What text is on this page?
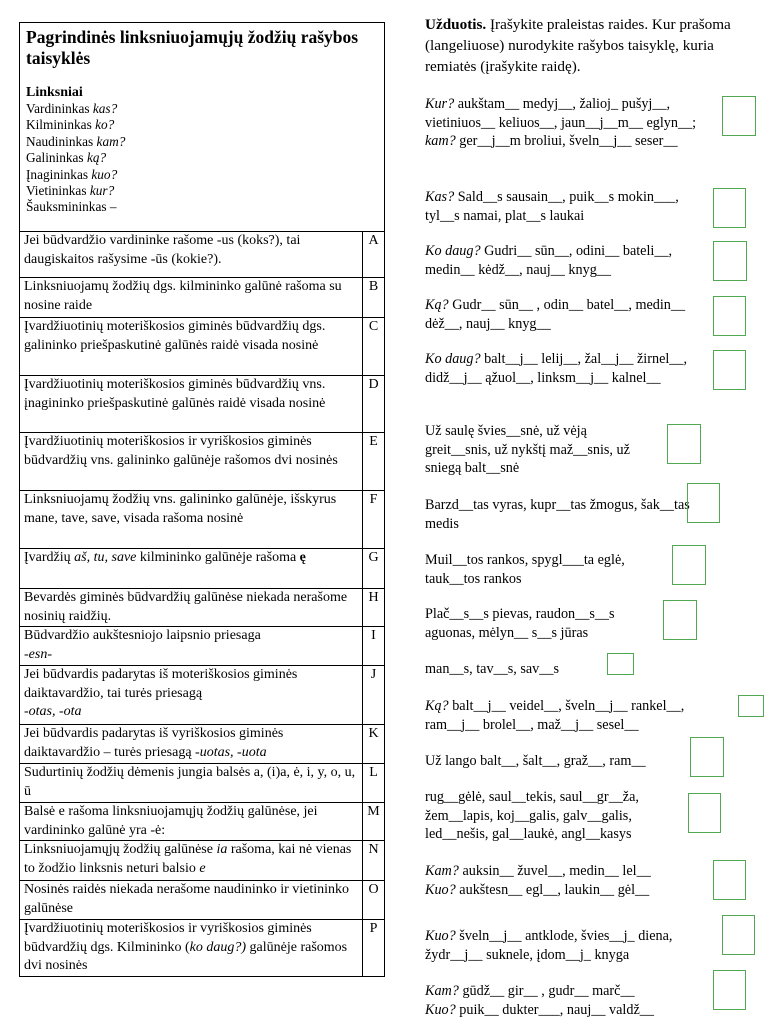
Pagrindinės linksniuojamųjų žodžių rašybos taisyklės
Linksniai
Vardininkas kas?
Kilmininkas ko?
Naudininkas kam?
Galininkas ką?
Įnagininkas kuo?
Vietininkas kur?
Šauksmininkas –
Jei būdvardžio vardininke rašome -us (koks?), tai daugiskaitos rašysime -ūs (kokie?).	A
Linksniuojamų žodžių dgs. kilmininko galūnė rašoma su nosine raide	B
Įvardžiuotinių moteriškosios giminės būdvardžių dgs. galininko priešpaskutinė galūnės raidė visada nosinė	C
Įvardžiuotinių moteriškosios giminės būdvardžių vns. įnagininko priešpaskutinė galūnės raidė visada nosinė	D
Įvardžiuotinių moteriškosios ir vyriškosios giminės būdvardžių vns. galininko galūnėje rašomos dvi nosinės	E
Linksniuojamų žodžių vns. galininko galūnėje, išskyrus mane, tave, save, visada rašoma nosinė	F
Įvardžių aš, tu, save kilmininko galūnėje rašoma ę	G
Bevardės giminės būdvardžių galūnėse niekada nerašome nosinių raidžių.	H
Būdvardžio aukštesniojo laipsnio priesaga
-esn-	I
Jei būdvardis padarytas iš moteriškosios giminės daiktavardžio, tai turės priesagą
-otas, -ota	J
Jei būdvardis padarytas iš vyriškosios giminės daiktavardžio – turės priesagą -uotas, -uota	K
Sudurtinių žodžių dėmenis jungia balsės a, (i)a, ė, i, y, o, u, ū	L
Balsė e rašoma linksniuojamųjų žodžių galūnėse, jei vardininko galūnė yra -ė:	M
Linksniuojamųjų žodžių galūnėse ia rašoma, kai nė vienas to žodžio linksnis neturi balsio e	N
Nosinės raidės niekada nerašome naudininko ir vietininko galūnėse	O
Įvardžiuotinių moteriškosios ir vyriškosios giminės būdvardžių dgs. Kilmininko (ko daug?) galūnėje rašomos dvi nosinės	P
Užduotis. Įrašykite praleistas raides. Kur prašoma (langeliuose) nurodykite rašybos taisyklę, kuria remiatės (įrašykite raidę).
Kur? aukštam__ medyj__, žalioj_ pušyj__, vietiniuos__ keliuos__, jaun__j__m__ eglyn__; kam? ger__j__m broliui, šveln__j__ seser__
Kas? Sald__s sausain__, puik__s mokin___, tyl__s namai, plat__s laukai
Ko daug? Gudri__ sūn__, odini__ bateli__, medin__ kėdž__, nauj__ knyg__
Ką? Gudr__ sūn__ , odin__ batel__, medin__ dėž__, nauj__ knyg__
Ko daug? balt__j__ lelij__, žal__j__ žirnel__, didž__j__ ąžuol__, linksm__j__ kalnel__
Už saulę švies__snė, už vėją greit__snis, už nykštį maž__snis, už sniegą balt__snė
Barzd__tas vyras, kupr__tas žmogus, šak__tas medis
Muil__tos rankos, spygl___ta eglė, tauk__tos rankos
Plač__s__s pievas, raudon__s__s aguonas, mėlyn__ s__s jūras
man__s, tav__s, sav__s
Ką? balt__j__ veidel__, šveln__j__ rankel__, ram__j__ brolel__, maž__j__ sesel__
Už lango balt__, šalt__, graž__, ram__
rug__gėlė, saul__tekis, saul__gr__ža, žem__lapis, koj__galis, galv__galis, led__nešis, gal__laukė, angl__kasys
Kam? auksin__ žuvel__, medin__ lel__
Kuo? aukštesn__ egl__, laukin__ gėl__
Kuo? šveln__j__ antklode, švies__j_ diena, žydr__j__ suknele, įdom__j_ knyga
Kam? gūdž__ gir__ , gudr__ marč__
Kuo? puik__ dukter___, nauj__ valdž__
